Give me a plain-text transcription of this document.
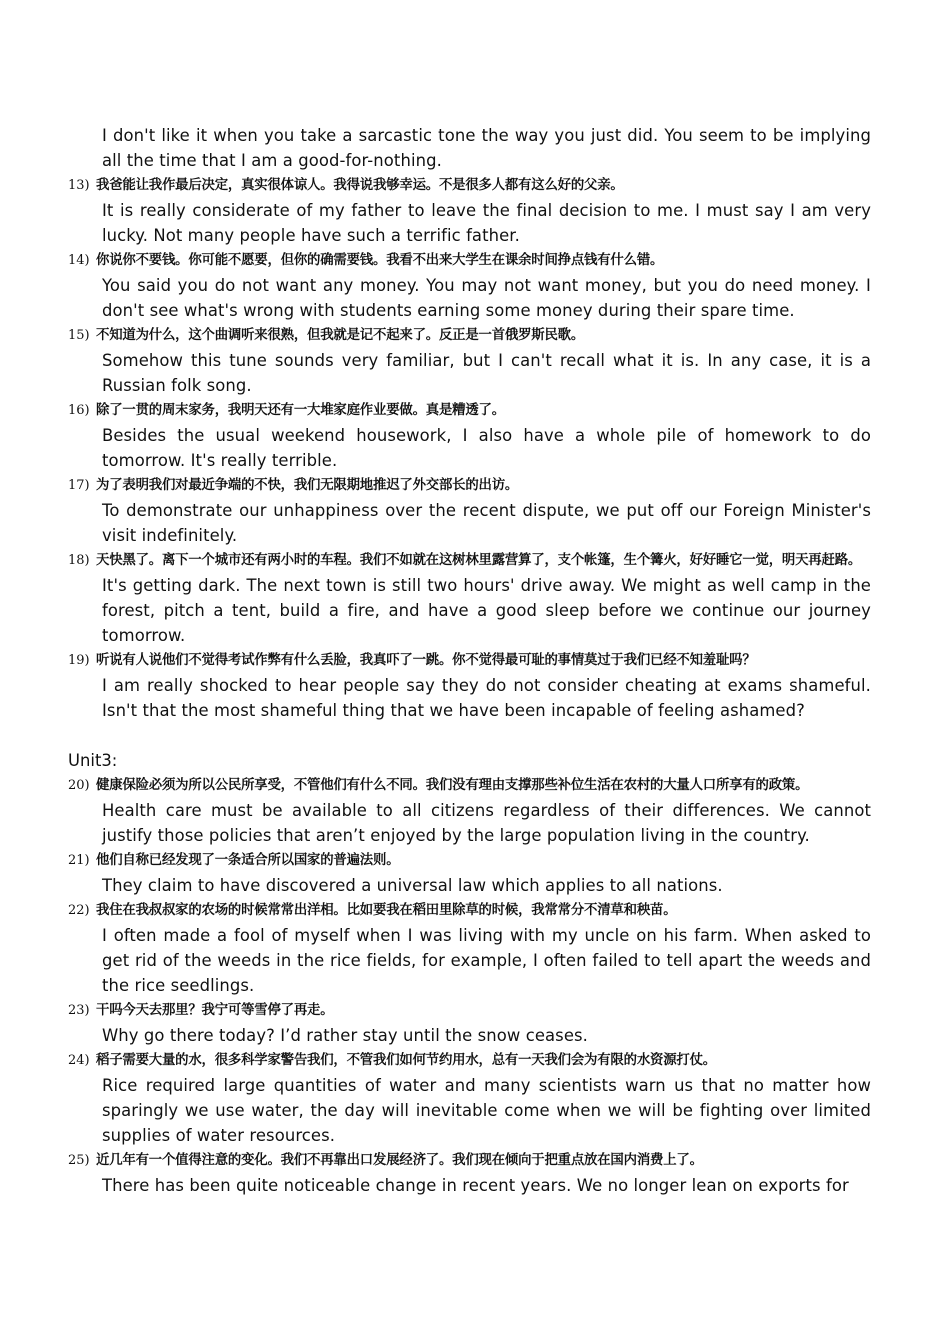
I don't like it when you take a sarcastic tone the way you just did. You seem to be implying all the time that I am a good-for-nothing.
13) 我爸能让我作最后决定，真实很体谅人。我得说我够幸运。不是很多人都有这么好的父亲。
It is really considerate of my father to leave the final decision to me. I must say I am very lucky. Not many people have such a terrific father.
14) 你说你不要钱。你可能不愿要，但你的确需要钱。我看不出来大学生在课余时间挣点钱有什么错。
You said you do not want any money. You may not want money, but you do need money. I don't see what's wrong with students earning some money during their spare time.
15) 不知道为什么，这个曲调听来很熟，但我就是记不起来了。反正是一首俄罗斯民歌。
Somehow this tune sounds very familiar, but I can't recall what it is. In any case, it is a Russian folk song.
16) 除了一贯的周末家务，我明天还有一大堆家庭作业要做。真是糟透了。
Besides the usual weekend housework, I also have a whole pile of homework to do tomorrow. It's really terrible.
17) 为了表明我们对最近争端的不快，我们无限期地推迟了外交部长的出访。
To demonstrate our unhappiness over the recent dispute, we put off our Foreign Minister's visit indefinitely.
18) 天快黑了。离下一个城市还有两小时的车程。我们不如就在这树林里露营算了，支个帐篷，生个篝火，好好睡它一觉，明天再赶路。
It's getting dark. The next town is still two hours' drive away. We might as well camp in the forest, pitch a tent, build a fire, and have a good sleep before we continue our journey tomorrow.
19) 听说有人说他们不觉得考试作弊有什么丢脸，我真吓了一跳。你不觉得最可耻的事情莫过于我们已经不知羞耻吗？
I am really shocked to hear people say they do not consider cheating at exams shameful. Isn't that the most shameful thing that we have been incapable of feeling ashamed?
Unit3:
20) 健康保险必须为所以公民所享受，不管他们有什么不同。我们没有理由支撑那些补位生活在农村的大量人口所享有的政策。
Health care must be available to all citizens regardless of their differences. We cannot justify those policies that aren’t enjoyed by the large population living in the country.
21) 他们自称已经发现了一条适合所以国家的普遍法则。
They claim to have discovered a universal law which applies to all nations.
22) 我住在我叔叔家的农场的时候常常出洋相。比如要我在稻田里除草的时候，我常常分不清草和秧苗。
I often made a fool of myself when I was living with my uncle on his farm. When asked to get rid of the weeds in the rice fields, for example, I often failed to tell apart the weeds and the rice seedlings.
23) 干吗今天去那里？我宁可等雪停了再走。
Why go there today? I’d rather stay until the snow ceases.
24) 稻子需要大量的水，很多科学家警告我们，不管我们如何节约用水，总有一天我们会为有限的水资源打仗。
Rice required large quantities of water and many scientists warn us that no matter how sparingly we use water, the day will inevitable come when we will be fighting over limited supplies of water resources.
25) 近几年有一个值得注意的变化。我们不再靠出口发展经济了。我们现在倾向于把重点放在国内消费上了。
There has been quite noticeable change in recent years. We no longer lean on exports for
